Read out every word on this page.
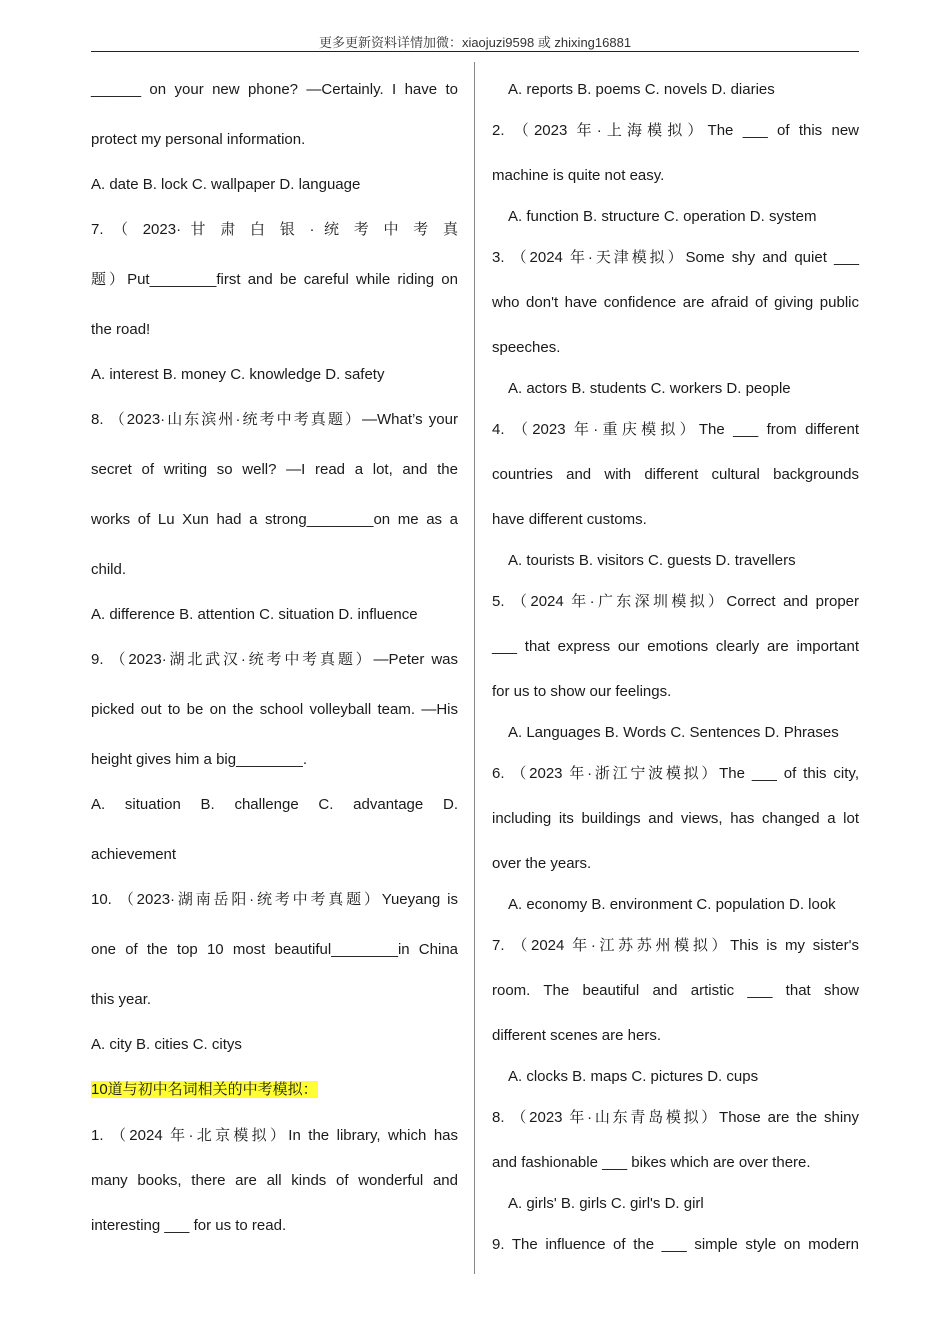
更多更新资料详情加微：xiaojuzi9598 或 zhixing16881
______ on your new phone? —Certainly. I have to
protect my personal information.
A. date B. lock C. wallpaper D. language
7. （ 2023· 甘 肃 白 银 · 统 考 中 考 真
题）Put________first and be careful while riding on
the road!
A. interest B. money C. knowledge D. safety
8. （2023·山东滨州·统考中考真题）—What’s your
secret of writing so well? —I read a lot, and the
works of Lu Xun had a strong________on me as a
child.
A. difference B. attention C. situation D. influence
9. （2023·湖北武汉·统考中考真题）—Peter was
picked out to be on the school volleyball team. —His
height gives him a big________.
A. situation B. challenge C. advantage D.
achievement
10. （2023·湖南岳阳·统考中考真题）Yueyang is
one of the top 10 most beautiful________in China
this year.
A. city B. cities C. citys
10道与初中名词相关的中考模拟：
1. （2024 年·北京模拟）In the library, which has
many books, there are all kinds of wonderful and
interesting ___ for us to read.
A. reports B. poems C. novels D. diaries
2. （2023 年·上海模拟）The ___ of this new
machine is quite not easy.
A. function B. structure C. operation D. system
3. （2024 年·天津模拟）Some shy and quiet ___
who don't have confidence are afraid of giving public
speeches.
A. actors B. students C. workers D. people
4. （2023 年·重庆模拟）The ___ from different
countries and with different cultural backgrounds
have different customs.
A. tourists B. visitors C. guests D. travellers
5. （2024 年·广东深圳模拟）Correct and proper
___ that express our emotions clearly are important
for us to show our feelings.
A. Languages B. Words C. Sentences D. Phrases
6. （2023 年·浙江宁波模拟）The ___ of this city,
including its buildings and views, has changed a lot
over the years.
A. economy B. environment C. population D. look
7. （2024 年·江苏苏州模拟）This is my sister's
room. The beautiful and artistic ___ that show
different scenes are hers.
A. clocks B. maps C. pictures D. cups
8. （2023 年·山东青岛模拟）Those are the shiny
and fashionable ___ bikes which are over there.
A. girls' B. girls C. girl's D. girl
9. The influence of the ___ simple style on modern
